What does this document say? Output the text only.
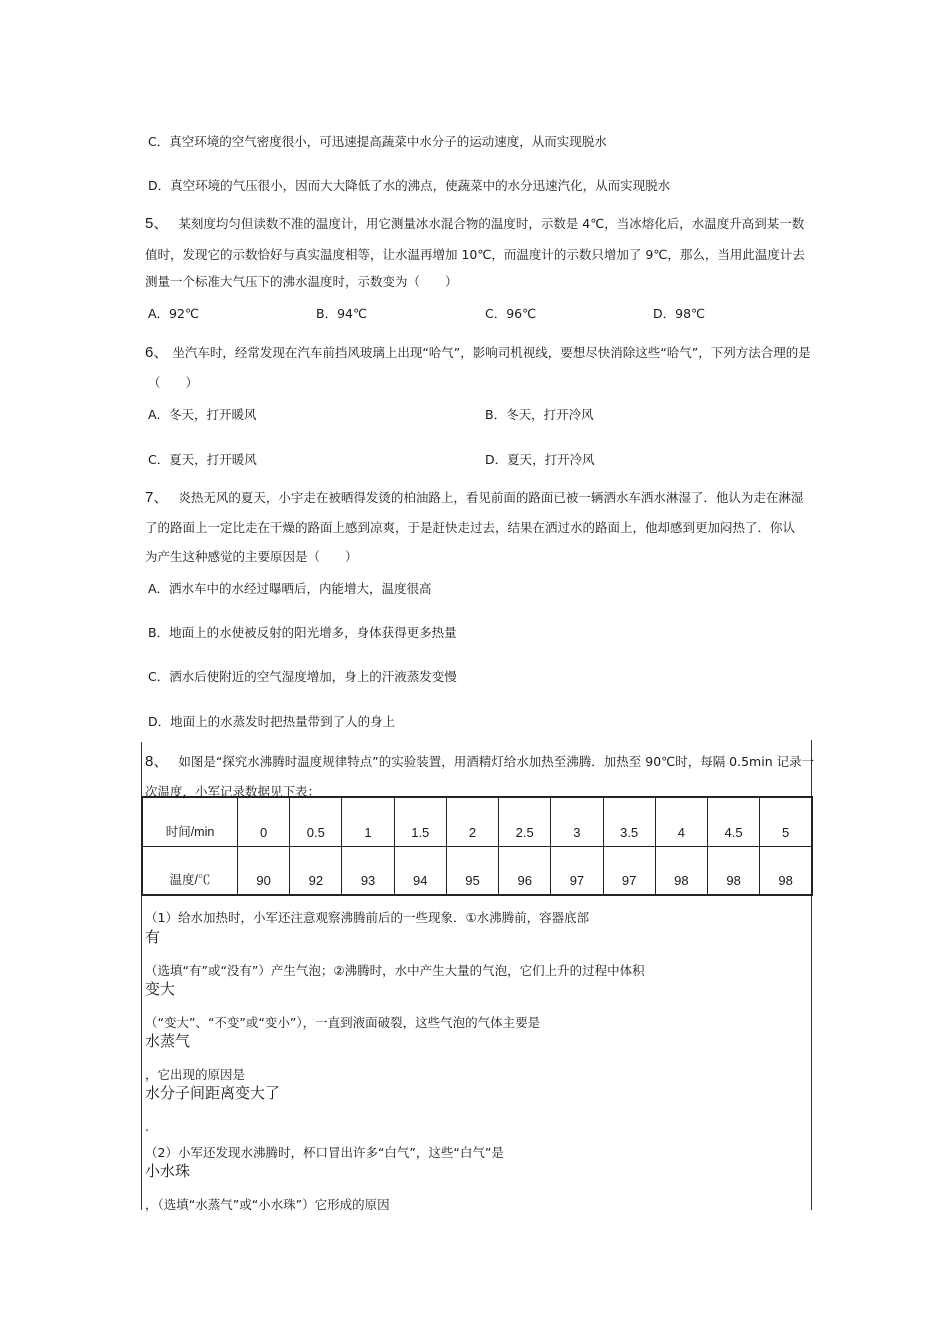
C．真空环境的空气密度很小，可迅速提高蔬菜中水分子的运动速度，从而实现脱水
D．真空环境的气压很小，因而大大降低了水的沸点，使蔬菜中的水分迅速汽化，从而实现脱水
5、 某刻度均匀但读数不准的温度计，用它测量冰水混合物的温度时，示数是 4℃，当冰熔化后，水温度升高到某一数
值时，发现它的示数恰好与真实温度相等，让水温再增加 10℃，而温度计的示数只增加了 9℃，那么，当用此温度计去
测量一个标准大气压下的沸水温度时，示数变为（　　）
A．92℃	B．94℃	C．96℃	D．98℃
6、 坐汽车时，经常发现在汽车前挡风玻璃上出现“哈气”，影响司机视线，要想尽快消除这些“哈气”，下列方法合理的是
（　　）
A．冬天，打开暖风	B．冬天，打开冷风
C．夏天，打开暖风	D．夏天，打开冷风
7、 炎热无风的夏天，小宇走在被晒得发烫的柏油路上，看见前面的路面已被一辆洒水车洒水淋湿了．他认为走在淋湿
了的路面上一定比走在干燥的路面上感到凉爽，于是赶快走过去，结果在洒过水的路面上，他却感到更加闷热了．你认
为产生这种感觉的主要原因是（　　）
A．洒水车中的水经过曝晒后，内能增大，温度很高
B．地面上的水使被反射的阳光增多，身体获得更多热量
C．洒水后使附近的空气湿度增加，身上的汗液蒸发变慢
D．地面上的水蒸发时把热量带到了人的身上
8、 如图是“探究水沸腾时温度规律特点”的实验装置，用酒精灯给水加热至沸腾．加热至 90℃时，每隔 0.5min 记录一
次温度，小军记录数据见下表：
时间/min	0	0.5	1	1.5	2	2.5	3	3.5	4	4.5	5
温度/℃	90	92	93	94	95	96	97	97	98	98	98
（1）给水加热时，小军还注意观察沸腾前后的一些现象．①水沸腾前，容器底部
有
（选填“有”或“没有”）产生气泡；②沸腾时，水中产生大量的气泡，它们上升的过程中体积
变大
（“变大”、“不变”或“变小”），一直到液面破裂，这些气泡的气体主要是
水蒸气
，它出现的原因是
水分子间距离变大了
.
（2）小军还发现水沸腾时，杯口冒出许多“白气”，这些“白气”是
小水珠
，（选填“水蒸气”或“小水珠”）它形成的原因
